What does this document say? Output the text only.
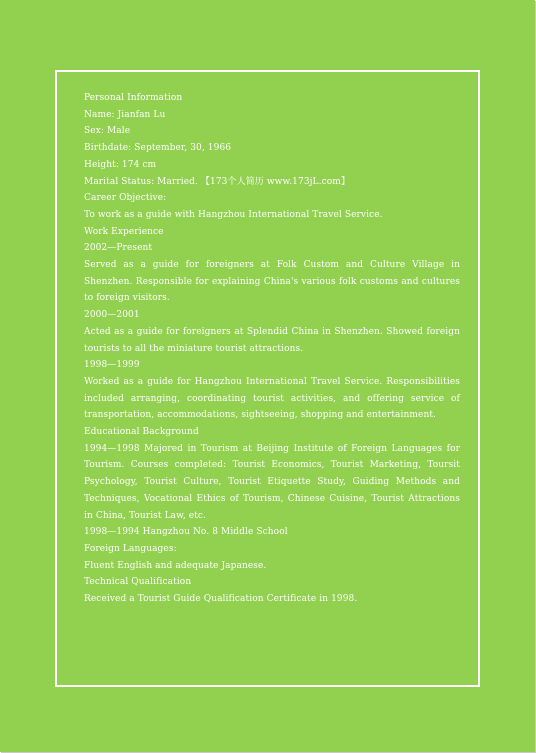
Personal Information

Name: Jianfan Lu

Sex: Male

Birthdate: September, 30, 1966

Height: 174 cm

Marital Status: Married. 【173个人简历 www.173jL.com】

Career Objective:

To work as a guide with Hangzhou International Travel Service.

Work Experience

2002—Present

Served as a guide for foreigners at Folk Custom and Culture Village in Shenzhen. Responsible for explaining China's various folk customs and cultures to foreign visitors.

2000—2001

Acted as a guide for foreigners at Splendid China in Shenzhen. Showed foreign tourists to all the miniature tourist attractions.

1998—1999

Worked as a guide for Hangzhou International Travel Service. Responsibilities included arranging, coordinating tourist activities, and offering service of transportation, accommodations, sightseeing, shopping and entertainment.

Educational Background

1994—1998 Majored in Tourism at Beijing Institute of Foreign Languages for Tourism. Courses completed: Tourist Economics, Tourist Marketing, Toursit Psychology, Tourist Culture, Tourist Etiquette Study, Guiding Methods and Techniques, Vocational Ethics of Tourism, Chinese Cuisine, Tourist Attractions in China, Tourist Law, etc.

1998—1994 Hangzhou No. 8 Middle School

Foreign Languages:

Fluent English and adequate Japanese.

Technical Qualification

Received a Tourist Guide Qualification Certificate in 1998.
